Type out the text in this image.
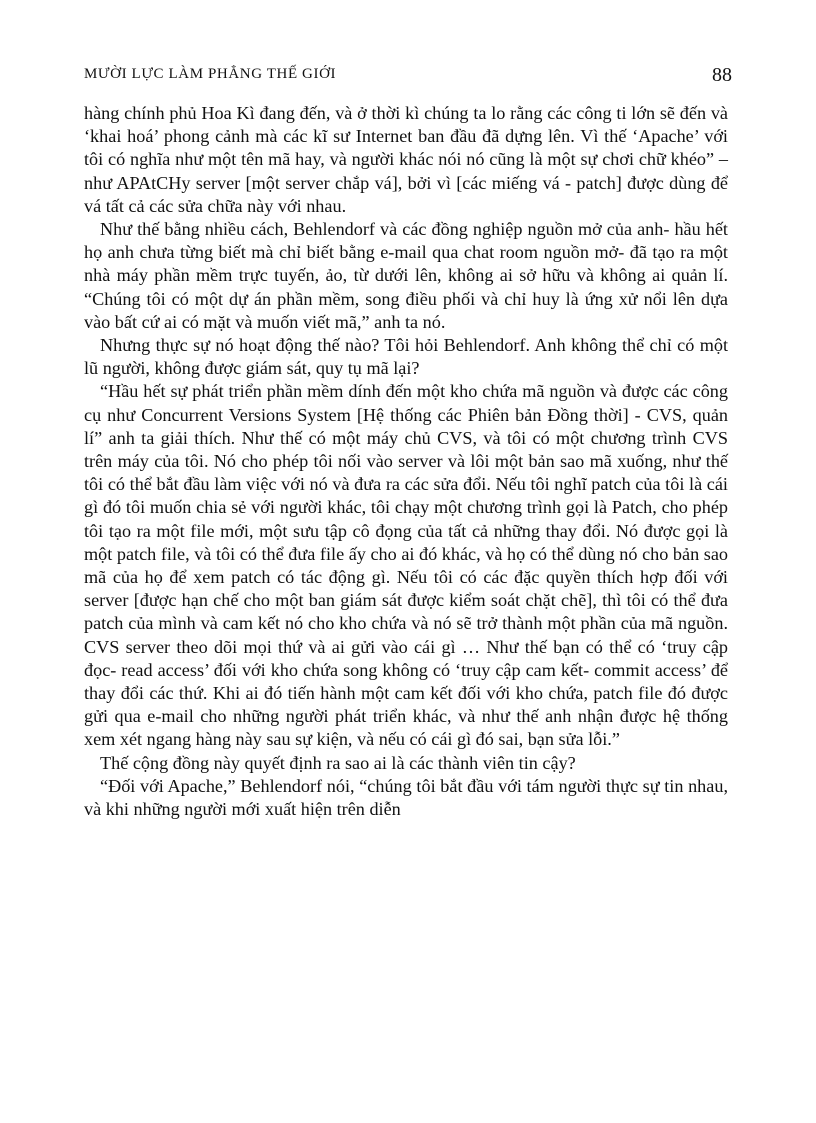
MƯỜI LỰC LÀM PHẲNG THẾ GIỚI	88

hàng chính phủ Hoa Kì đang đến, và ở thời kì chúng ta lo rằng các công ti lớn sẽ đến và ‘khai hoá’ phong cảnh mà các kĩ sư Internet ban đầu đã dựng lên. Vì thế ‘Apache’ với tôi có nghĩa như một tên mã hay, và người khác nói nó cũng là một sự chơi chữ khéo” – như APAtCHy server [một server chắp vá], bởi vì [các miếng vá - patch] được dùng để vá tất cả các sửa chữa này với nhau.

Như thế bằng nhiều cách, Behlendorf và các đồng nghiệp nguồn mở của anh- hầu hết họ anh chưa từng biết mà chỉ biết bằng e-mail qua chat room nguồn mở- đã tạo ra một nhà máy phần mềm trực tuyến, ảo, từ dưới lên, không ai sở hữu và không ai quản lí. “Chúng tôi có một dự án phần mềm, song điều phối và chỉ huy là ứng xử nổi lên dựa vào bất cứ ai có mặt và muốn viết mã,” anh ta nó.

Nhưng thực sự nó hoạt động thế nào? Tôi hỏi Behlendorf. Anh không thể chỉ có một lũ người, không được giám sát, quy tụ mã lại?

“Hầu hết sự phát triển phần mềm dính đến một kho chứa mã nguồn và được các công cụ như Concurrent Versions System [Hệ thống các Phiên bản Đồng thời] - CVS, quản lí” anh ta giải thích. Như thế có một máy chủ CVS, và tôi có một chương trình CVS trên máy của tôi. Nó cho phép tôi nối vào server và lôi một bản sao mã xuống, như thế tôi có thể bắt đầu làm việc với nó và đưa ra các sửa đổi. Nếu tôi nghĩ patch của tôi là cái gì đó tôi muốn chia sẻ với người khác, tôi chạy một chương trình gọi là Patch, cho phép tôi tạo ra một file mới, một sưu tập cô đọng của tất cả những thay đổi. Nó được gọi là một patch file, và tôi có thể đưa file ấy cho ai đó khác, và họ có thể dùng nó cho bản sao mã của họ để xem patch có tác động gì. Nếu tôi có các đặc quyền thích hợp đối với server [được hạn chế cho một ban giám sát được kiểm soát chặt chẽ], thì tôi có thể đưa patch của mình và cam kết nó cho kho chứa và nó sẽ trở thành một phần của mã nguồn. CVS server theo dõi mọi thứ và ai gửi vào cái gì … Như thế bạn có thể có ‘truy cập đọc- read access’ đối với kho chứa song không có ‘truy cập cam kết- commit access’ để thay đổi các thứ. Khi ai đó tiến hành một cam kết đối với kho chứa, patch file đó được gửi qua e-mail cho những người phát triển khác, và như thế anh nhận được hệ thống xem xét ngang hàng này sau sự kiện, và nếu có cái gì đó sai, bạn sửa lỗi.”

Thế cộng đồng này quyết định ra sao ai là các thành viên tin cậy?

“Đối với Apache,” Behlendorf nói, “chúng tôi bắt đầu với tám người thực sự tin nhau, và khi những người mới xuất hiện trên diễn
